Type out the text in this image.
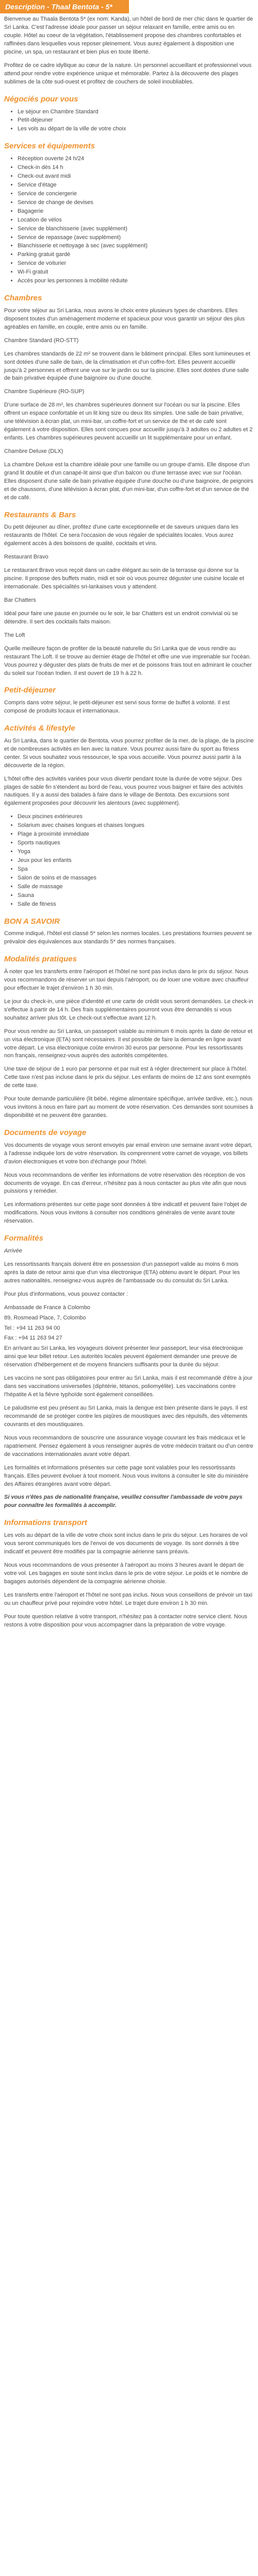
Description - Thaal Bentota - 5*

Bienvenue au Thaala Bentota 5* (ex nom: Kanda), un hôtel de bord de mer chic dans le quartier de Sri Lanka. C'est l'adresse idéale pour passer un séjour relaxant en famille, entre amis ou en couple. Hôtel au coeur de la végétation, l'établissement propose des chambres confortables et raffinées dans lesquelles vous reposer pleinement. Vous aurez également à disposition une piscine, un spa, un restaurant et bien plus en toute liberté.

Profitez de ce cadre idyllique au cœur de la nature. Un personnel accueillant et professionnel vous attend pour rendre votre expérience unique et mémorable. Partez à la découverte des plages sublimes de la côte sud-ouest et profitez de couchers de soleil inoubliables.

Négociés pour vous
• Le séjour en Chambre Standard
• Petit-déjeuner
• Les vols au départ de la ville de votre choix
Services et équipements
• Réception ouverte 24 h/24
• Check-in dès 14 h
• Check-out avant midi
• Service d'étage
• Service de conciergerie
• Service de change de devises
• Bagagerie
• Location de vélos
• Service de blanchisserie (avec supplément)
• Service de repassage (avec supplément)
• Blanchisserie et nettoyage à sec (avec supplément)
• Parking gratuit gardé
• Service de voiturier
• Wi-Fi gratuit
• Accès pour les personnes à mobilité réduite
Chambres

Pour votre séjour au Sri Lanka, nous avons le choix entre plusieurs types de chambres. Elles disposent toutes d'un aménagement moderne et spacieux pour vous garantir un séjour des plus agréables en famille, en couple, entre amis ou en famille.

Chambre Standard (RO-STT)

Les chambres standards de 22 m² se trouvent dans le bâtiment principal. Elles sont lumineuses et sont dotées d'une salle de bain, de la climatisation et d'un coffre-fort. Elles peuvent accueillir jusqu'à 2 personnes et offrent une vue sur le jardin ou sur la piscine. Elles sont dotées d'une salle de bain privative équipée d'une baignoire ou d'une douche.

Chambre Supérieure (RO-SUP)

D'une surface de 28 m², les chambres supérieures donnent sur l'océan ou sur la piscine. Elles offrent un espace confortable et un lit king size ou deux lits simples. Une salle de bain privative, une télévision à écran plat, un mini-bar, un coffre-fort et un service de thé et de café sont également à votre disposition. Elles sont conçues pour accueillir jusqu'à 3 adultes ou 2 adultes et 2 enfants. Les chambres supérieures peuvent accueillir un lit supplémentaire pour un enfant.

Chambre Deluxe (DLX)

La chambre Deluxe est la chambre idéale pour une famille ou un groupe d'amis. Elle dispose d'un grand lit double et d'un canapé-lit ainsi que d'un balcon ou d'une terrasse avec vue sur l'océan. Elles disposent d'une salle de bain privative équipée d'une douche ou d'une baignoire, de peignoirs et de chaussons, d'une télévision à écran plat, d'un mini-bar, d'un coffre-fort et d'un service de thé et de café.

Restaurants & Bars

Du petit déjeuner au dîner, profitez d'une carte exceptionnelle et de saveurs uniques dans les restaurants de l'hôtel. Ce sera l'occasion de vous régaler de spécialités locales. Vous aurez également accès à des boissons de qualité, cocktails et vins.

Restaurant Bravo

Le restaurant Bravo vous reçoit dans un cadre élégant au sein de la terrasse qui donne sur la piscine. Il propose des buffets matin, midi et soir où vous pourrez déguster une cuisine locale et internationale. Des spécialités sri-lankaises vous y attendent.

Bar Chatters

Idéal pour faire une pause en journée ou le soir, le bar Chatters est un endroit convivial où se détendre. Il sert des cocktails faits maison.

The Loft

Quelle meilleure façon de profiter de la beauté naturelle du Sri Lanka que de vous rendre au restaurant The Loft. Il se trouve au dernier étage de l'hôtel et offre une vue imprenable sur l'océan. Vous pourrez y déguster des plats de fruits de mer et de poissons frais tout en admirant le coucher du soleil sur l'océan Indien. Il est ouvert de 19 h à 22 h.

Petit-déjeuner

Compris dans votre séjour, le petit-déjeuner est servi sous forme de buffet à volonté. Il est composé de produits locaux et internationaux.

Activités & lifestyle

Au Sri Lanka, dans le quartier de Bentota, vous pourrez profiter de la mer, de la plage, de la piscine et de nombreuses activités en lien avec la nature. Vous pourrez aussi faire du sport au fitness center. Si vous souhaitez vous ressourcer, le spa vous accueille. Vous pourrez aussi partir à la découverte de la région.

L'hôtel offre des activités variées pour vous divertir pendant toute la durée de votre séjour. Des plages de sable fin s'étendent au bord de l'eau, vous pourrez vous baigner et faire des activités nautiques. Il y a aussi des balades à faire dans le village de Bentota. Des excursions sont également proposées pour découvrir les alentours (avec supplément).

• Deux piscines extérieures
• Solarium avec chaises longues et chaises longues
• Plage à proximité immédiate
• Sports nautiques
• Yoga
• Jeux pour les enfants
• Spa
• Salon de soins et de massages
• Salle de massage
• Sauna
• Salle de fitness
BON A SAVOIR

Comme indiqué, l'hôtel est classé 5* selon les normes locales. Les prestations fournies peuvent se prévaloir des équivalences aux standards 5* des normes françaises.

Modalités pratiques

À noter que les transferts entre l'aéroport et l'hôtel ne sont pas inclus dans le prix du séjour. Nous vous recommandons de réserver un taxi depuis l'aéroport, ou de louer une voiture avec chauffeur pour effectuer le trajet d'environ 1 h 30 min.

Le jour du check-in, une pièce d'identité et une carte de crédit vous seront demandées. Le check-in s'effectue à partir de 14 h. Des frais supplémentaires pourront vous être demandés si vous souhaitez arriver plus tôt. Le check-out s'effectue avant 12 h.

Pour vous rendre au Sri Lanka, un passeport valable au minimum 6 mois après la date de retour et un visa électronique (ETA) sont nécessaires. Il est possible de faire la demande en ligne avant votre départ. Le visa électronique coûte environ 30 euros par personne. Pour les ressortissants non français, renseignez-vous auprès des autorités compétentes.

Une taxe de séjour de 1 euro par personne et par nuit est à régler directement sur place à l'hôtel. Cette taxe n'est pas incluse dans le prix du séjour. Les enfants de moins de 12 ans sont exemptés de cette taxe.

Pour toute demande particulière (lit bébé, régime alimentaire spécifique, arrivée tardive, etc.), nous vous invitons à nous en faire part au moment de votre réservation. Ces demandes sont soumises à disponibilité et ne peuvent être garanties.

Documents de voyage

Vos documents de voyage vous seront envoyés par email environ une semaine avant votre départ, à l'adresse indiquée lors de votre réservation. Ils comprennent votre carnet de voyage, vos billets d'avion électroniques et votre bon d'échange pour l'hôtel.

Nous vous recommandons de vérifier les informations de votre réservation dès réception de vos documents de voyage. En cas d'erreur, n'hésitez pas à nous contacter au plus vite afin que nous puissions y remédier.

Les informations présentes sur cette page sont données à titre indicatif et peuvent faire l'objet de modifications. Nous vous invitons à consulter nos conditions générales de vente avant toute réservation.

Formalités

Arrivée

Les ressortissants français doivent être en possession d'un passeport valide au moins 6 mois après la date de retour ainsi que d'un visa électronique (ETA) obtenu avant le départ. Pour les autres nationalités, renseignez-vous auprès de l'ambassade ou du consulat du Sri Lanka.

Pour plus d'informations, vous pouvez contacter :

Ambassade de France à Colombo

89, Rosmead Place, 7, Colombo

Tel : +94 11 263 94 00

Fax : +94 11 263 94 27

En arrivant au Sri Lanka, les voyageurs doivent présenter leur passeport, leur visa électronique ainsi que leur billet retour. Les autorités locales peuvent également demander une preuve de réservation d'hébergement et de moyens financiers suffisants pour la durée du séjour.

Les vaccins ne sont pas obligatoires pour entrer au Sri Lanka, mais il est recommandé d'être à jour dans ses vaccinations universelles (diphtérie, tétanos, poliomyélite). Les vaccinations contre l'hépatite A et la fièvre typhoïde sont également conseillées.

Le paludisme est peu présent au Sri Lanka, mais la dengue est bien présente dans le pays. Il est recommandé de se protéger contre les piqûres de moustiques avec des répulsifs, des vêtements couvrants et des moustiquaires.

Nous vous recommandons de souscrire une assurance voyage couvrant les frais médicaux et le rapatriement. Pensez également à vous renseigner auprès de votre médecin traitant ou d'un centre de vaccinations internationales avant votre départ.

Les formalités et informations présentes sur cette page sont valables pour les ressortissants français. Elles peuvent évoluer à tout moment. Nous vous invitons à consulter le site du ministère des Affaires étrangères avant votre départ.

Si vous n'êtes pas de nationalité française, veuillez consulter l'ambassade de votre pays pour connaître les formalités à accomplir.

Informations transport

Les vols au départ de la ville de votre choix sont inclus dans le prix du séjour. Les horaires de vol vous seront communiqués lors de l'envoi de vos documents de voyage. Ils sont donnés à titre indicatif et peuvent être modifiés par la compagnie aérienne sans préavis.

Nous vous recommandons de vous présenter à l'aéroport au moins 3 heures avant le départ de votre vol. Les bagages en soute sont inclus dans le prix de votre séjour. Le poids et le nombre de bagages autorisés dépendent de la compagnie aérienne choisie.

Les transferts entre l'aéroport et l'hôtel ne sont pas inclus. Nous vous conseillons de prévoir un taxi ou un chauffeur privé pour rejoindre votre hôtel. Le trajet dure environ 1 h 30 min.

Pour toute question relative à votre transport, n'hésitez pas à contacter notre service client. Nous restons à votre disposition pour vous accompagner dans la préparation de votre voyage.
